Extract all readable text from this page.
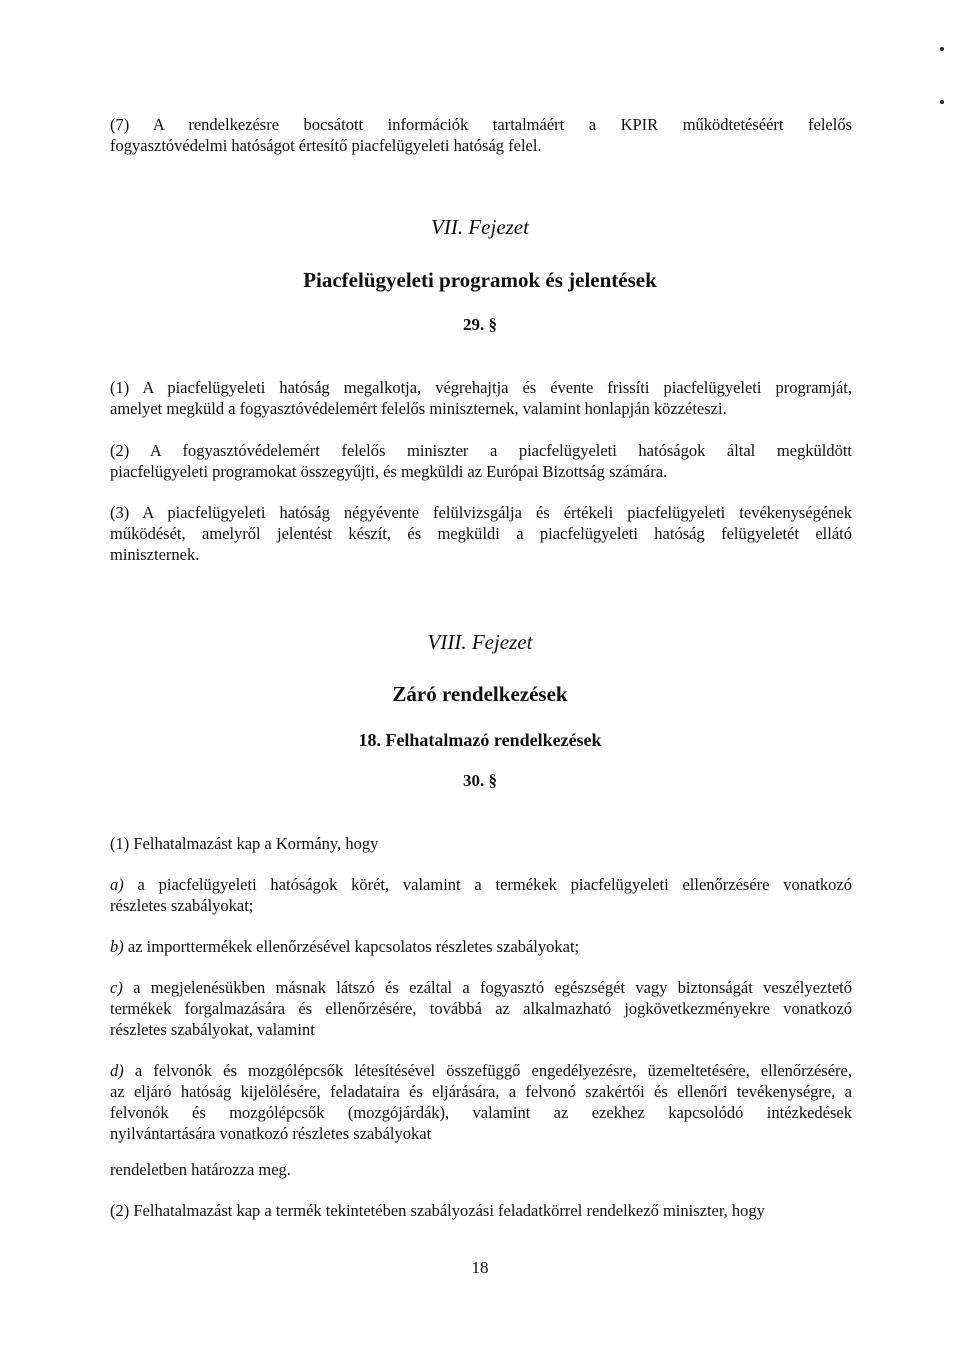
(7) A rendelkezésre bocsátott információk tartalmáért a KPIR működtetéséért felelős
fogyasztóvédelmi hatóságot értesítő piacfelügyeleti hatóság felel.
VII. Fejezet
Piacfelügyeleti programok és jelentések
29. §
(1) A piacfelügyeleti hatóság megalkotja, végrehajtja és évente frissíti piacfelügyeleti programját,
amelyet megküld a fogyasztóvédelemért felelős miniszternek, valamint honlapján közzéteszi.
(2) A fogyasztóvédelemért felelős miniszter a piacfelügyeleti hatóságok által megküldött
piacfelügyeleti programokat összegyűjti, és megküldi az Európai Bizottság számára.
(3) A piacfelügyeleti hatóság négyévente felülvizsgálja és értékeli piacfelügyeleti tevékenységének
működését, amelyről jelentést készít, és megküldi a piacfelügyeleti hatóság felügyeletét ellátó
miniszternek.
VIII. Fejezet
Záró rendelkezések
18. Felhatalmazó rendelkezések
30. §
(1) Felhatalmazást kap a Kormány, hogy
a) a piacfelügyeleti hatóságok körét, valamint a termékek piacfelügyeleti ellenőrzésére vonatkozó
részletes szabályokat;
b) az importtermékek ellenőrzésével kapcsolatos részletes szabályokat;
c) a megjelenésükben másnak látszó és ezáltal a fogyasztó egészségét vagy biztonságát veszélyeztető
termékek forgalmazására és ellenőrzésére, továbbá az alkalmazható jogkövetkezményekre vonatkozó
részletes szabályokat, valamint
d) a felvonók és mozgólépcsők létesítésével összefüggő engedélyezésre, üzemeltetésére, ellenőrzésére,
az eljáró hatóság kijelölésére, feladataira és eljárására, a felvonó szakértői és ellenőri tevékenységre, a
felvonók és mozgólépcsők (mozgójárdák), valamint az ezekhez kapcsolódó intézkedések
nyilvántartására vonatkozó részletes szabályokat
rendeletben határozza meg.
(2) Felhatalmazást kap a termék tekintetében szabályozási feladatkörrel rendelkező miniszter, hogy
18
